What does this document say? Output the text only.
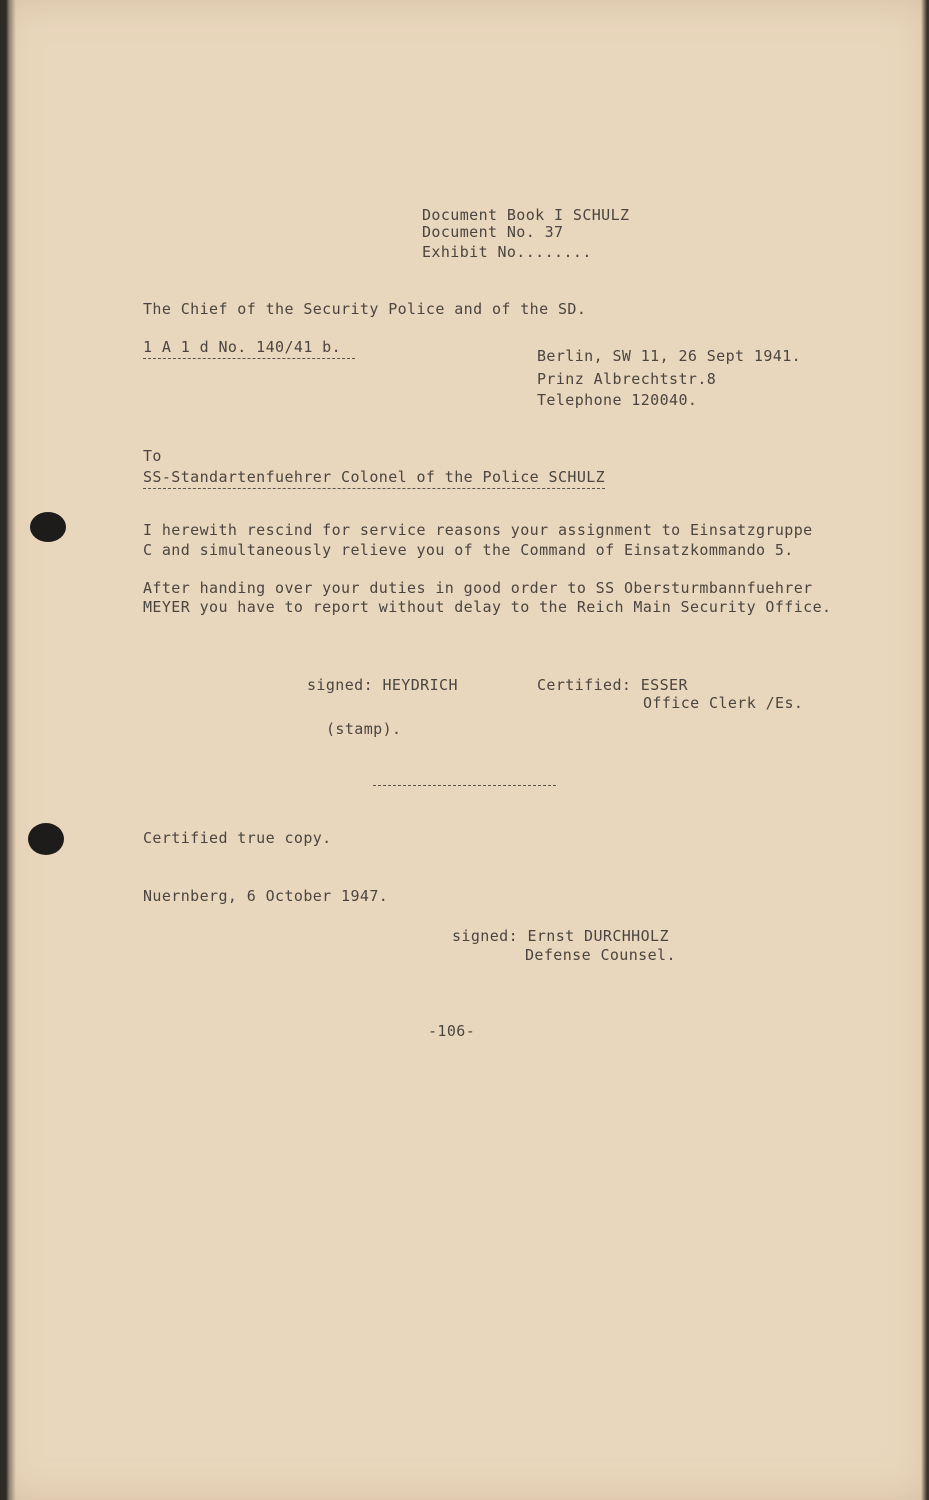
Document Book I SCHULZ
Document No. 37
Exhibit No........
The Chief of the Security Police and of the SD.
1 A 1 d No. 140/41 b.	Berlin, SW 11, 26 Sept 1941.
Prinz Albrechtstr.8
Telephone 120040.
To
SS-Standartenfuehrer Colonel of the Police SCHULZ
I herewith rescind for service reasons your assignment to Einsatzgruppe
C and simultaneously relieve you of the Command of Einsatzkommando 5.
After handing over your duties in good order to SS Obersturmbannfuehrer
MEYER you have to report without delay to the Reich Main Security Office.
signed: HEYDRICH	Certified: ESSER
Office Clerk /Es.
(stamp).
Certified true copy.
Nuernberg, 6 October 1947.
signed: Ernst DURCHHOLZ
Defense Counsel.
-106-
